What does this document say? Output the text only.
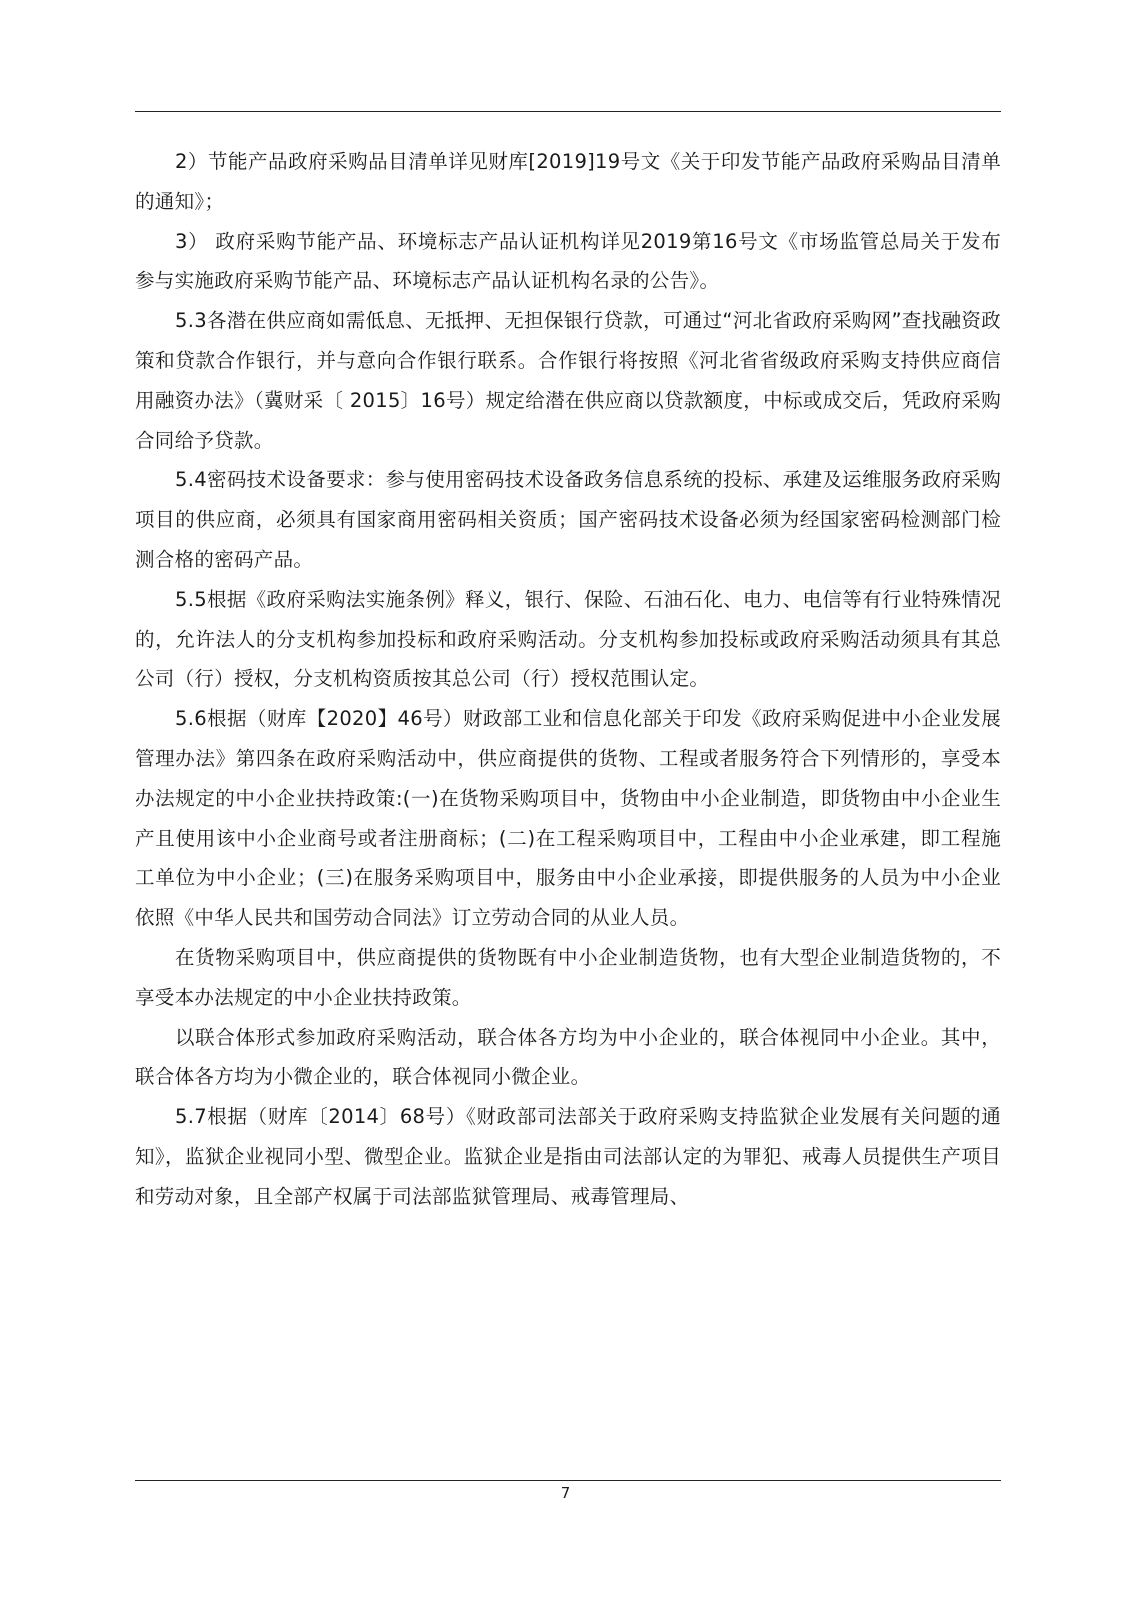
2）节能产品政府采购品目清单详见财库[2019]19号文《关于印发节能产品政府采购品目清单的通知》；

3） 政府采购节能产品、环境标志产品认证机构详见2019第16号文《市场监管总局关于发布参与实施政府采购节能产品、环境标志产品认证机构名录的公告》。

5.3各潜在供应商如需低息、无抵押、无担保银行贷款，可通过“河北省政府采购网”查找融资政策和贷款合作银行，并与意向合作银行联系。合作银行将按照《河北省省级政府采购支持供应商信用融资办法》（冀财采〔 2015〕16号）规定给潜在供应商以贷款额度，中标或成交后，凭政府采购合同给予贷款。

5.4密码技术设备要求：参与使用密码技术设备政务信息系统的投标、承建及运维服务政府采购项目的供应商，必须具有国家商用密码相关资质；国产密码技术设备必须为经国家密码检测部门检测合格的密码产品。

5.5根据《政府采购法实施条例》释义，银行、保险、石油石化、电力、电信等有行业特殊情况的，允许法人的分支机构参加投标和政府采购活动。分支机构参加投标或政府采购活动须具有其总公司（行）授权，分支机构资质按其总公司（行）授权范围认定。

5.6根据（财库【2020】46号）财政部工业和信息化部关于印发《政府采购促进中小企业发展管理办法》第四条在政府采购活动中，供应商提供的货物、工程或者服务符合下列情形的，享受本办法规定的中小企业扶持政策:(一)在货物采购项目中，货物由中小企业制造，即货物由中小企业生产且使用该中小企业商号或者注册商标；(二)在工程采购项目中，工程由中小企业承建，即工程施工单位为中小企业；(三)在服务采购项目中，服务由中小企业承接，即提供服务的人员为中小企业依照《中华人民共和国劳动合同法》订立劳动合同的从业人员。

在货物采购项目中，供应商提供的货物既有中小企业制造货物，也有大型企业制造货物的，不享受本办法规定的中小企业扶持政策。

以联合体形式参加政府采购活动，联合体各方均为中小企业的，联合体视同中小企业。其中，联合体各方均为小微企业的，联合体视同小微企业。

5.7根据（财库〔2014〕68号）《财政部司法部关于政府采购支持监狱企业发展有关问题的通知》，监狱企业视同小型、微型企业。监狱企业是指由司法部认定的为罪犯、戒毒人员提供生产项目和劳动对象，且全部产权属于司法部监狱管理局、戒毒管理局、

7
